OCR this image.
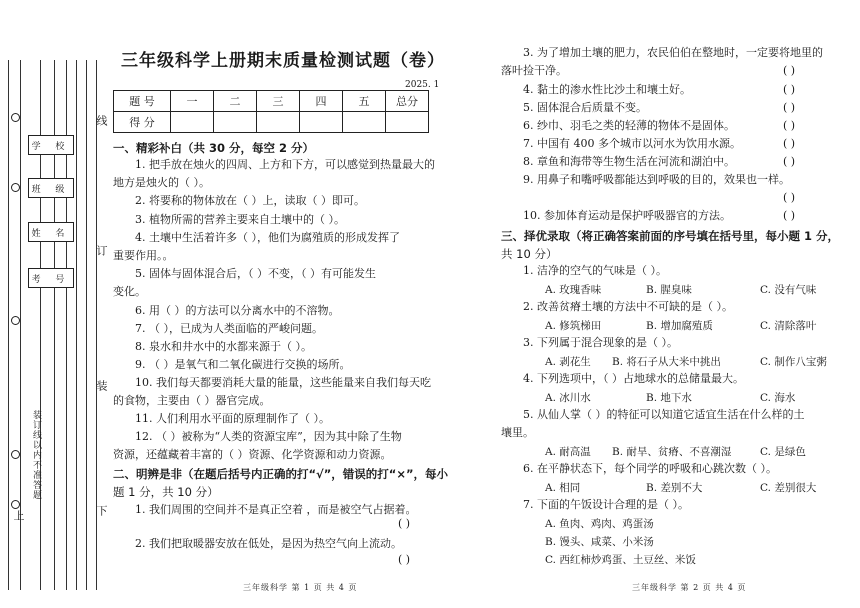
学 校
班 级
姓 名
考 号
线
订
装
上	下
装订线以内不准答题
三年级科学上册期末质量检测试题（卷）
2025. 1
题 号	一	二	三	四	五	总分
得 分						
一、精彩补白（共 30 分，每空 2 分）
1. 把手放在烛火的四周、上方和下方，可以感觉到热量最大的
地方是烛火的（ ）。
2. 将要称的物体放在（ ）上，读取（ ）即可。
3. 植物所需的营养主要来自土壤中的（ ）。
4. 土壤中生活着许多（ ），他们为腐殖质的形成发挥了
重要作用。。
5. 固体与固体混合后，（ ）不变，（ ）有可能发生
变化。
6. 用（ ）的方法可以分离水中的不溶物。
7. （ ），已成为人类面临的严峻问题。
8. 泉水和井水中的水都来源于（ ）。
9. （ ）是氧气和二氧化碳进行交换的场所。
10. 我们每天都要消耗大量的能量，这些能量来自我们每天吃
的食物，主要由（ ）器官完成。
11. 人们利用水平面的原理制作了（ ）。
12. （ ）被称为“人类的资源宝库”，因为其中除了生物
资源，还蕴藏着丰富的（ ）资源、化学资源和动力资源。
二、明辨是非（在题后括号内正确的打“√”，错误的打“×”，每小
题 1 分，共 10 分）
1. 我们周围的空间并不是真正空着 ，而是被空气占据着。
( )
2. 我们把取暖器安放在低处，是因为热空气向上流动。
( )
三年级科学 第 1 页 共 4 页
3. 为了增加土壤的肥力，农民伯伯在整地时，一定要将地里的
落叶捡干净。	( )
4. 黏土的渗水性比沙土和壤土好。	( )
5. 固体混合后质量不变。	( )
6. 纱巾、羽毛之类的轻薄的物体不是固体。	( )
7. 中国有 400 多个城市以河水为饮用水源。	( )
8. 章鱼和海带等生物生活在河流和湖泊中。	( )
9. 用鼻子和嘴呼吸都能达到呼吸的目的，效果也一样。
( )
10. 参加体育运动是保护呼吸器官的方法。	( )
三、择优录取（将正确答案前面的序号填在括号里，每小题 1 分，
共 10 分）
1. 洁净的空气的气味是（ ）。
A. 玫瑰香味	B. 腥臭味	C. 没有气味
2. 改善贫瘠土壤的方法中不可缺的是（ ）。
A. 修筑梯田	B. 增加腐殖质	C. 清除落叶
3. 下列属于混合现象的是（ ）。
A. 剥花生 B. 将石子从大米中挑出	C. 制作八宝粥
4. 下列选项中，（ ）占地球水的总储量最大。
A. 冰川水	B. 地下水	C. 海水
5. 从仙人掌（ ）的特征可以知道它适宜生活在什么样的土
壤里。
A. 耐高温 B. 耐旱、贫瘠、不喜潮湿	C. 是绿色
6. 在平静状态下，每个同学的呼吸和心跳次数（ ）。
A. 相同	B. 差别不大	C. 差别很大
7. 下面的午饭设计合理的是（ ）。
A. 鱼肉、鸡肉、鸡蛋汤
B. 馒头、咸菜、小米汤
C. 西红柿炒鸡蛋、土豆丝、米饭
三年级科学 第 2 页 共 4 页
